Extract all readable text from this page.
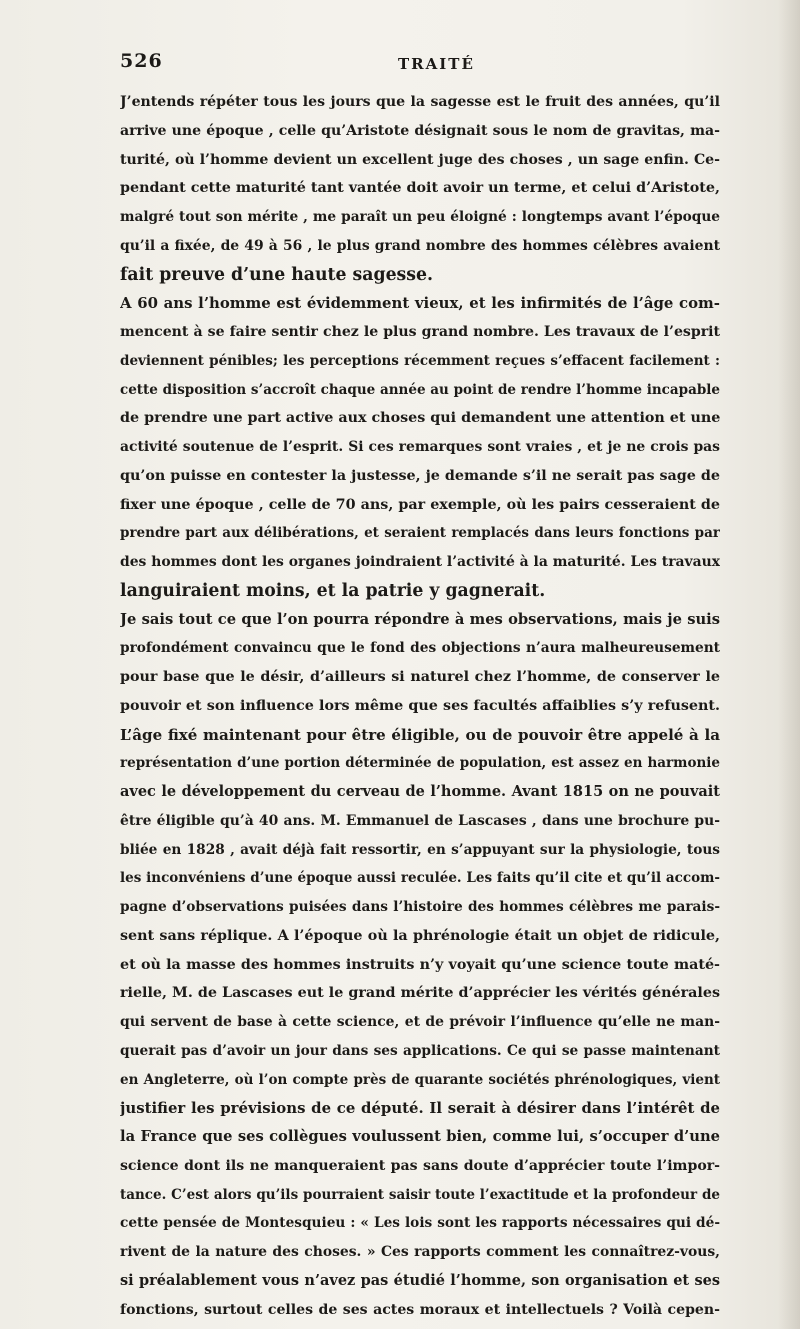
526	TRAITÉ
J’entends répéter tous les jours que la sagesse est le fruit des années, qu’il
arrive une époque , celle qu’Aristote désignait sous le nom de gravitas, ma-
turité, où l’homme devient un excellent juge des choses , un sage enfin. Ce-
pendant cette maturité tant vantée doit avoir un terme, et celui d’Aristote,
malgré tout son mérite , me paraît un peu éloigné : longtemps avant l’époque
qu’il a fixée, de 49 à 56 , le plus grand nombre des hommes célèbres avaient
fait preuve d’une haute sagesse.
A 60 ans l’homme est évidemment vieux, et les infirmités de l’âge com-
mencent à se faire sentir chez le plus grand nombre. Les travaux de l’esprit
deviennent pénibles; les perceptions récemment reçues s’effacent facilement :
cette disposition s’accroît chaque année au point de rendre l’homme incapable
de prendre une part active aux choses qui demandent une attention et une
activité soutenue de l’esprit. Si ces remarques sont vraies , et je ne crois pas
qu’on puisse en contester la justesse, je demande s’il ne serait pas sage de
fixer une époque , celle de 70 ans, par exemple, où les pairs cesseraient de
prendre part aux délibérations, et seraient remplacés dans leurs fonctions par
des hommes dont les organes joindraient l’activité à la maturité. Les travaux
languiraient moins, et la patrie y gagnerait.
Je sais tout ce que l’on pourra répondre à mes observations, mais je suis
profondément convaincu que le fond des objections n’aura malheureusement
pour base que le désir, d’ailleurs si naturel chez l’homme, de conserver le
pouvoir et son influence lors même que ses facultés affaiblies s’y refusent.
L’âge fixé maintenant pour être éligible, ou de pouvoir être appelé à la
représentation d’une portion déterminée de population, est assez en harmonie
avec le développement du cerveau de l’homme. Avant 1815 on ne pouvait
être éligible qu’à 40 ans. M. Emmanuel de Lascases , dans une brochure pu-
bliée en 1828 , avait déjà fait ressortir, en s’appuyant sur la physiologie, tous
les inconvéniens d’une époque aussi reculée. Les faits qu’il cite et qu’il accom-
pagne d’observations puisées dans l’histoire des hommes célèbres me parais-
sent sans réplique. A l’époque où la phrénologie était un objet de ridicule,
et où la masse des hommes instruits n’y voyait qu’une science toute maté-
rielle, M. de Lascases eut le grand mérite d’apprécier les vérités générales
qui servent de base à cette science, et de prévoir l’influence qu’elle ne man-
querait pas d’avoir un jour dans ses applications. Ce qui se passe maintenant
en Angleterre, où l’on compte près de quarante sociétés phrénologiques, vient
justifier les prévisions de ce député. Il serait à désirer dans l’intérêt de
la France que ses collègues voulussent bien, comme lui, s’occuper d’une
science dont ils ne manqueraient pas sans doute d’apprécier toute l’impor-
tance. C’est alors qu’ils pourraient saisir toute l’exactitude et la profondeur de
cette pensée de Montesquieu : « Les lois sont les rapports nécessaires qui dé-
rivent de la nature des choses. » Ces rapports comment les connaîtrez-vous,
si préalablement vous n’avez pas étudié l’homme, son organisation et ses
fonctions, surtout celles de ses actes moraux et intellectuels ? Voilà cepen-
